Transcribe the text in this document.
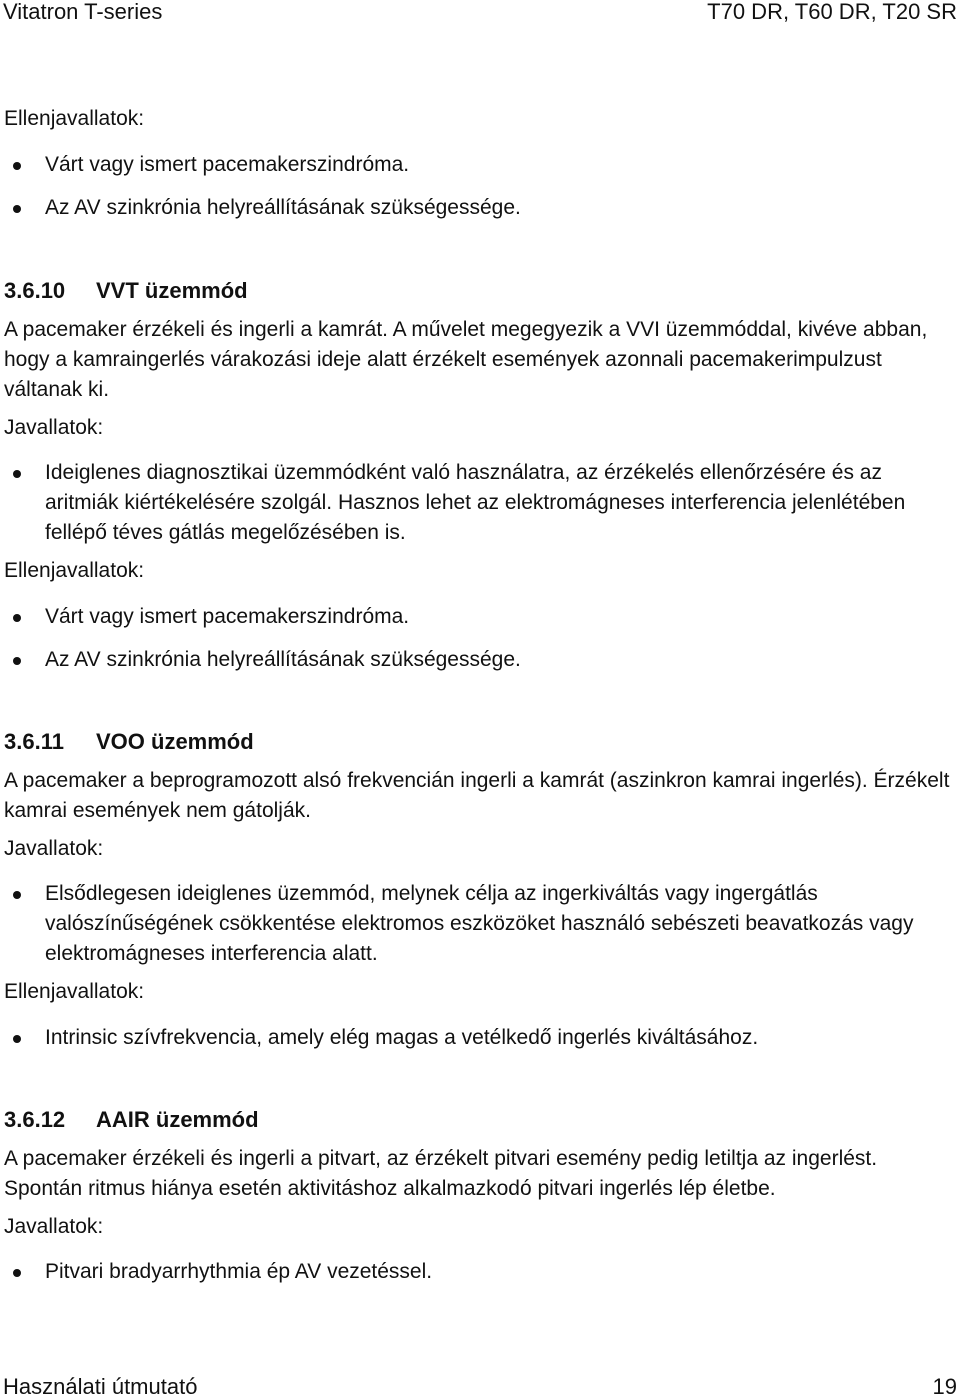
Vitatron T-series	T70 DR, T60 DR, T20 SR

Ellenjavallatok:

Várt vagy ismert pacemakerszindróma.
Az AV szinkrónia helyreállításának szükségessége.
3.6.10 VVT üzemmód

A pacemaker érzékeli és ingerli a kamrát. A művelet megegyezik a VVI üzemmóddal, kivéve abban, hogy a kamraingerlés várakozási ideje alatt érzékelt események azonnali pacemakerimpulzust váltanak ki.

Javallatok:

Ideiglenes diagnosztikai üzemmódként való használatra, az érzékelés ellenőrzésére és az aritmiák kiértékelésére szolgál. Hasznos lehet az elektromágneses interferencia jelenlétében fellépő téves gátlás megelőzésében is.

Ellenjavallatok:

Várt vagy ismert pacemakerszindróma.
Az AV szinkrónia helyreállításának szükségessége.
3.6.11 VOO üzemmód

A pacemaker a beprogramozott alsó frekvencián ingerli a kamrát (aszinkron kamrai ingerlés). Érzékelt kamrai események nem gátolják.

Javallatok:

Elsődlegesen ideiglenes üzemmód, melynek célja az ingerkiváltás vagy ingergátlás valószínűségének csökkentése elektromos eszközöket használó sebészeti beavatkozás vagy elektromágneses interferencia alatt.

Ellenjavallatok:

Intrinsic szívfrekvencia, amely elég magas a vetélkedő ingerlés kiváltásához.
3.6.12 AAIR üzemmód

A pacemaker érzékeli és ingerli a pitvart, az érzékelt pitvari esemény pedig letiltja az ingerlést. Spontán ritmus hiánya esetén aktivitáshoz alkalmazkodó pitvari ingerlés lép életbe.

Javallatok:

Pitvari bradyarrhythmia ép AV vezetéssel.
Használati útmutató	19
